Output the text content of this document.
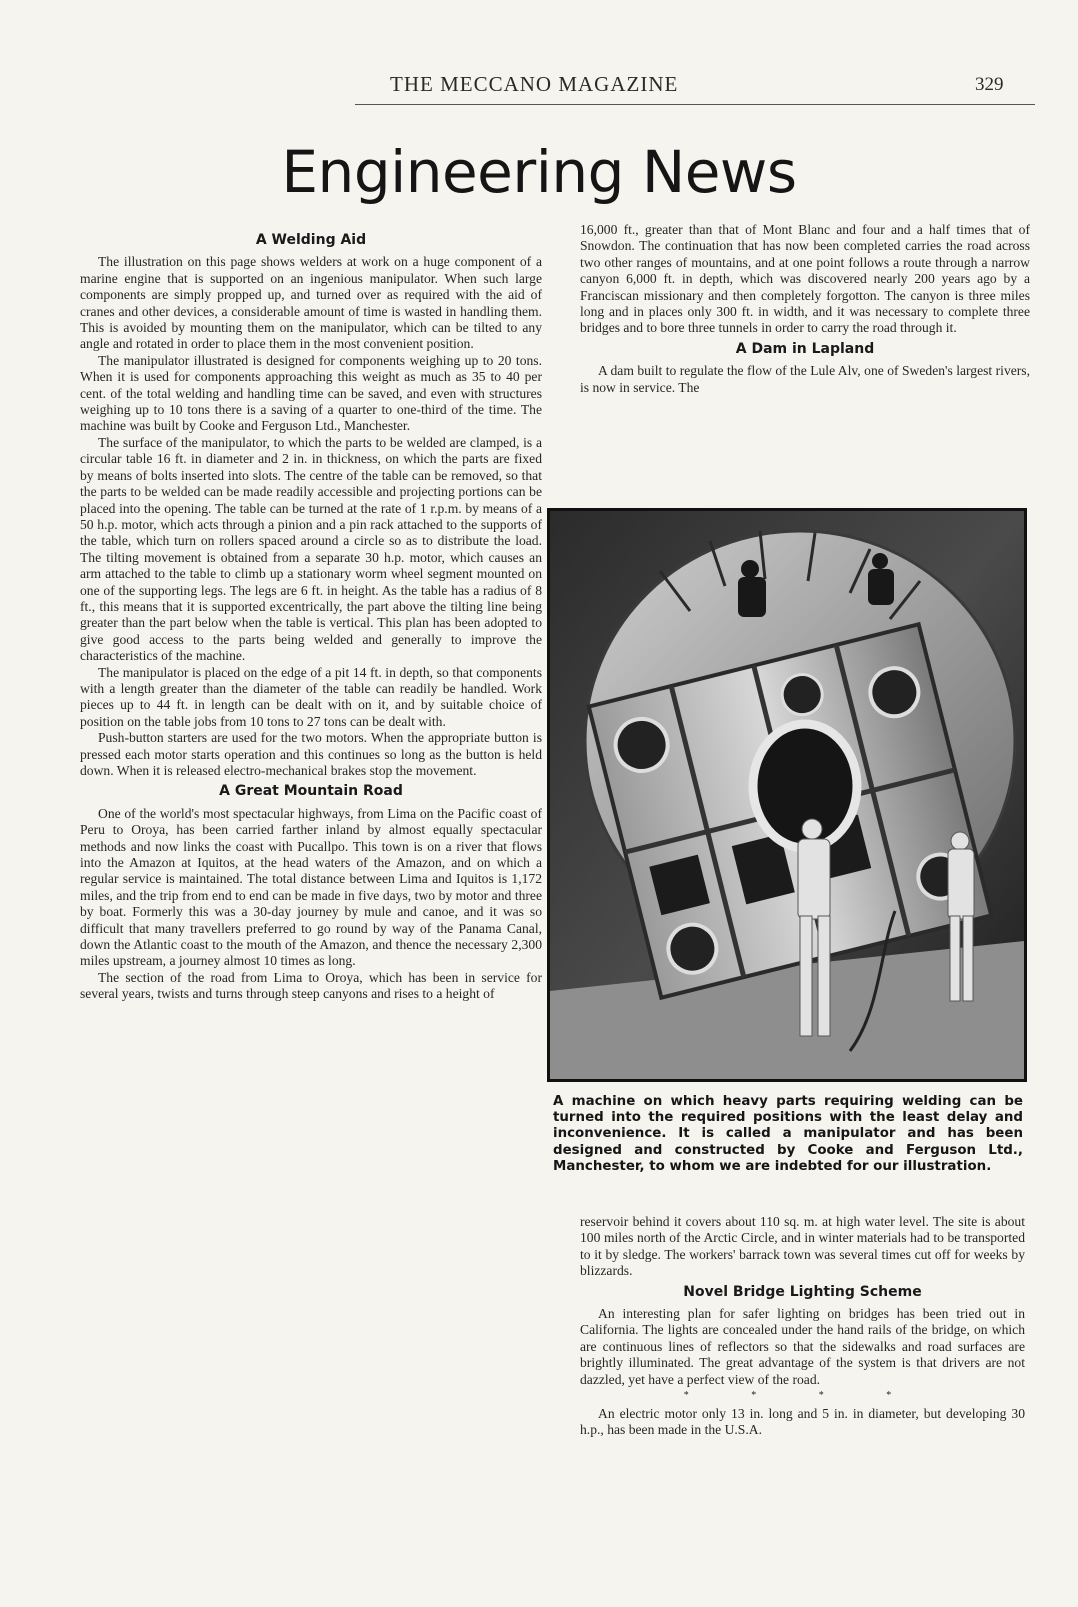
THE MECCANO MAGAZINE	329
Engineering News
A Welding Aid

The illustration on this page shows welders at work on a huge component of a marine engine that is supported on an ingenious manipulator. When such large components are simply propped up, and turned over as required with the aid of cranes and other devices, a considerable amount of time is wasted in handling them. This is avoided by mounting them on the manipulator, which can be tilted to any angle and rotated in order to place them in the most convenient position.

The manipulator illustrated is designed for components weighing up to 20 tons. When it is used for components approaching this weight as much as 35 to 40 per cent. of the total welding and handling time can be saved, and even with structures weighing up to 10 tons there is a saving of a quarter to one-third of the time. The machine was built by Cooke and Ferguson Ltd., Manchester.

The surface of the manipulator, to which the parts to be welded are clamped, is a circular table 16 ft. in diameter and 2 in. in thickness, on which the parts are fixed by means of bolts inserted into slots. The centre of the table can be removed, so that the parts to be welded can be made readily accessible and projecting portions can be placed into the opening. The table can be turned at the rate of 1 r.p.m. by means of a 50 h.p. motor, which acts through a pinion and a pin rack attached to the supports of the table, which turn on rollers spaced around a circle so as to distribute the load. The tilting movement is obtained from a separate 30 h.p. motor, which causes an arm attached to the table to climb up a stationary worm wheel segment mounted on one of the supporting legs. The legs are 6 ft. in height. As the table has a radius of 8 ft., this means that it is supported excentrically, the part above the tilting line being greater than the part below when the table is vertical. This plan has been adopted to give good access to the parts being welded and generally to improve the characteristics of the machine.

The manipulator is placed on the edge of a pit 14 ft. in depth, so that components with a length greater than the diameter of the table can readily be handled. Work pieces up to 44 ft. in length can be dealt with on it, and by suitable choice of position on the table jobs from 10 tons to 27 tons can be dealt with.

Push-button starters are used for the two motors. When the appropriate button is pressed each motor starts operation and this continues so long as the button is held down. When it is released electro-mechanical brakes stop the movement.

A Great Mountain Road

One of the world's most spectacular highways, from Lima on the Pacific coast of Peru to Oroya, has been carried farther inland by almost equally spectacular methods and now links the coast with Pucallpo. This town is on a river that flows into the Amazon at Iquitos, at the head waters of the Amazon, and on which a regular service is maintained. The total distance between Lima and Iquitos is 1,172 miles, and the trip from end to end can be made in five days, two by motor and three by boat. Formerly this was a 30-day journey by mule and canoe, and it was so difficult that many travellers preferred to go round by way of the Panama Canal, down the Atlantic coast to the mouth of the Amazon, and thence the necessary 2,300 miles upstream, a journey almost 10 times as long.

The section of the road from Lima to Oroya, which has been in service for several years, twists and turns through steep canyons and rises to a height of

16,000 ft., greater than that of Mont Blanc and four and a half times that of Snowdon. The continuation that has now been completed carries the road across two other ranges of mountains, and at one point follows a route through a narrow canyon 6,000 ft. in depth, which was discovered nearly 200 years ago by a Franciscan missionary and then completely forgotton. The canyon is three miles long and in places only 300 ft. in width, and it was necessary to complete three bridges and to bore three tunnels in order to carry the road through it.

A Dam in Lapland

A dam built to regulate the flow of the Lule Alv, one of Sweden's largest rivers, is now in service. The

A machine on which heavy parts requiring welding can be turned into the required positions with the least delay and inconvenience. It is called a manipulator and has been designed and constructed by Cooke and Ferguson Ltd., Manchester, to whom we are indebted for our illustration.

reservoir behind it covers about 110 sq. m. at high water level. The site is about 100 miles north of the Arctic Circle, and in winter materials had to be transported to it by sledge. The workers' barrack town was several times cut off for weeks by blizzards.

Novel Bridge Lighting Scheme

An interesting plan for safer lighting on bridges has been tried out in California. The lights are concealed under the hand rails of the bridge, on which are continuous lines of reflectors so that the sidewalks and road surfaces are brightly illuminated. The great advantage of the system is that drivers are not dazzled, yet have a perfect view of the road.

* * * *

An electric motor only 13 in. long and 5 in. in diameter, but developing 30 h.p., has been made in the U.S.A.
